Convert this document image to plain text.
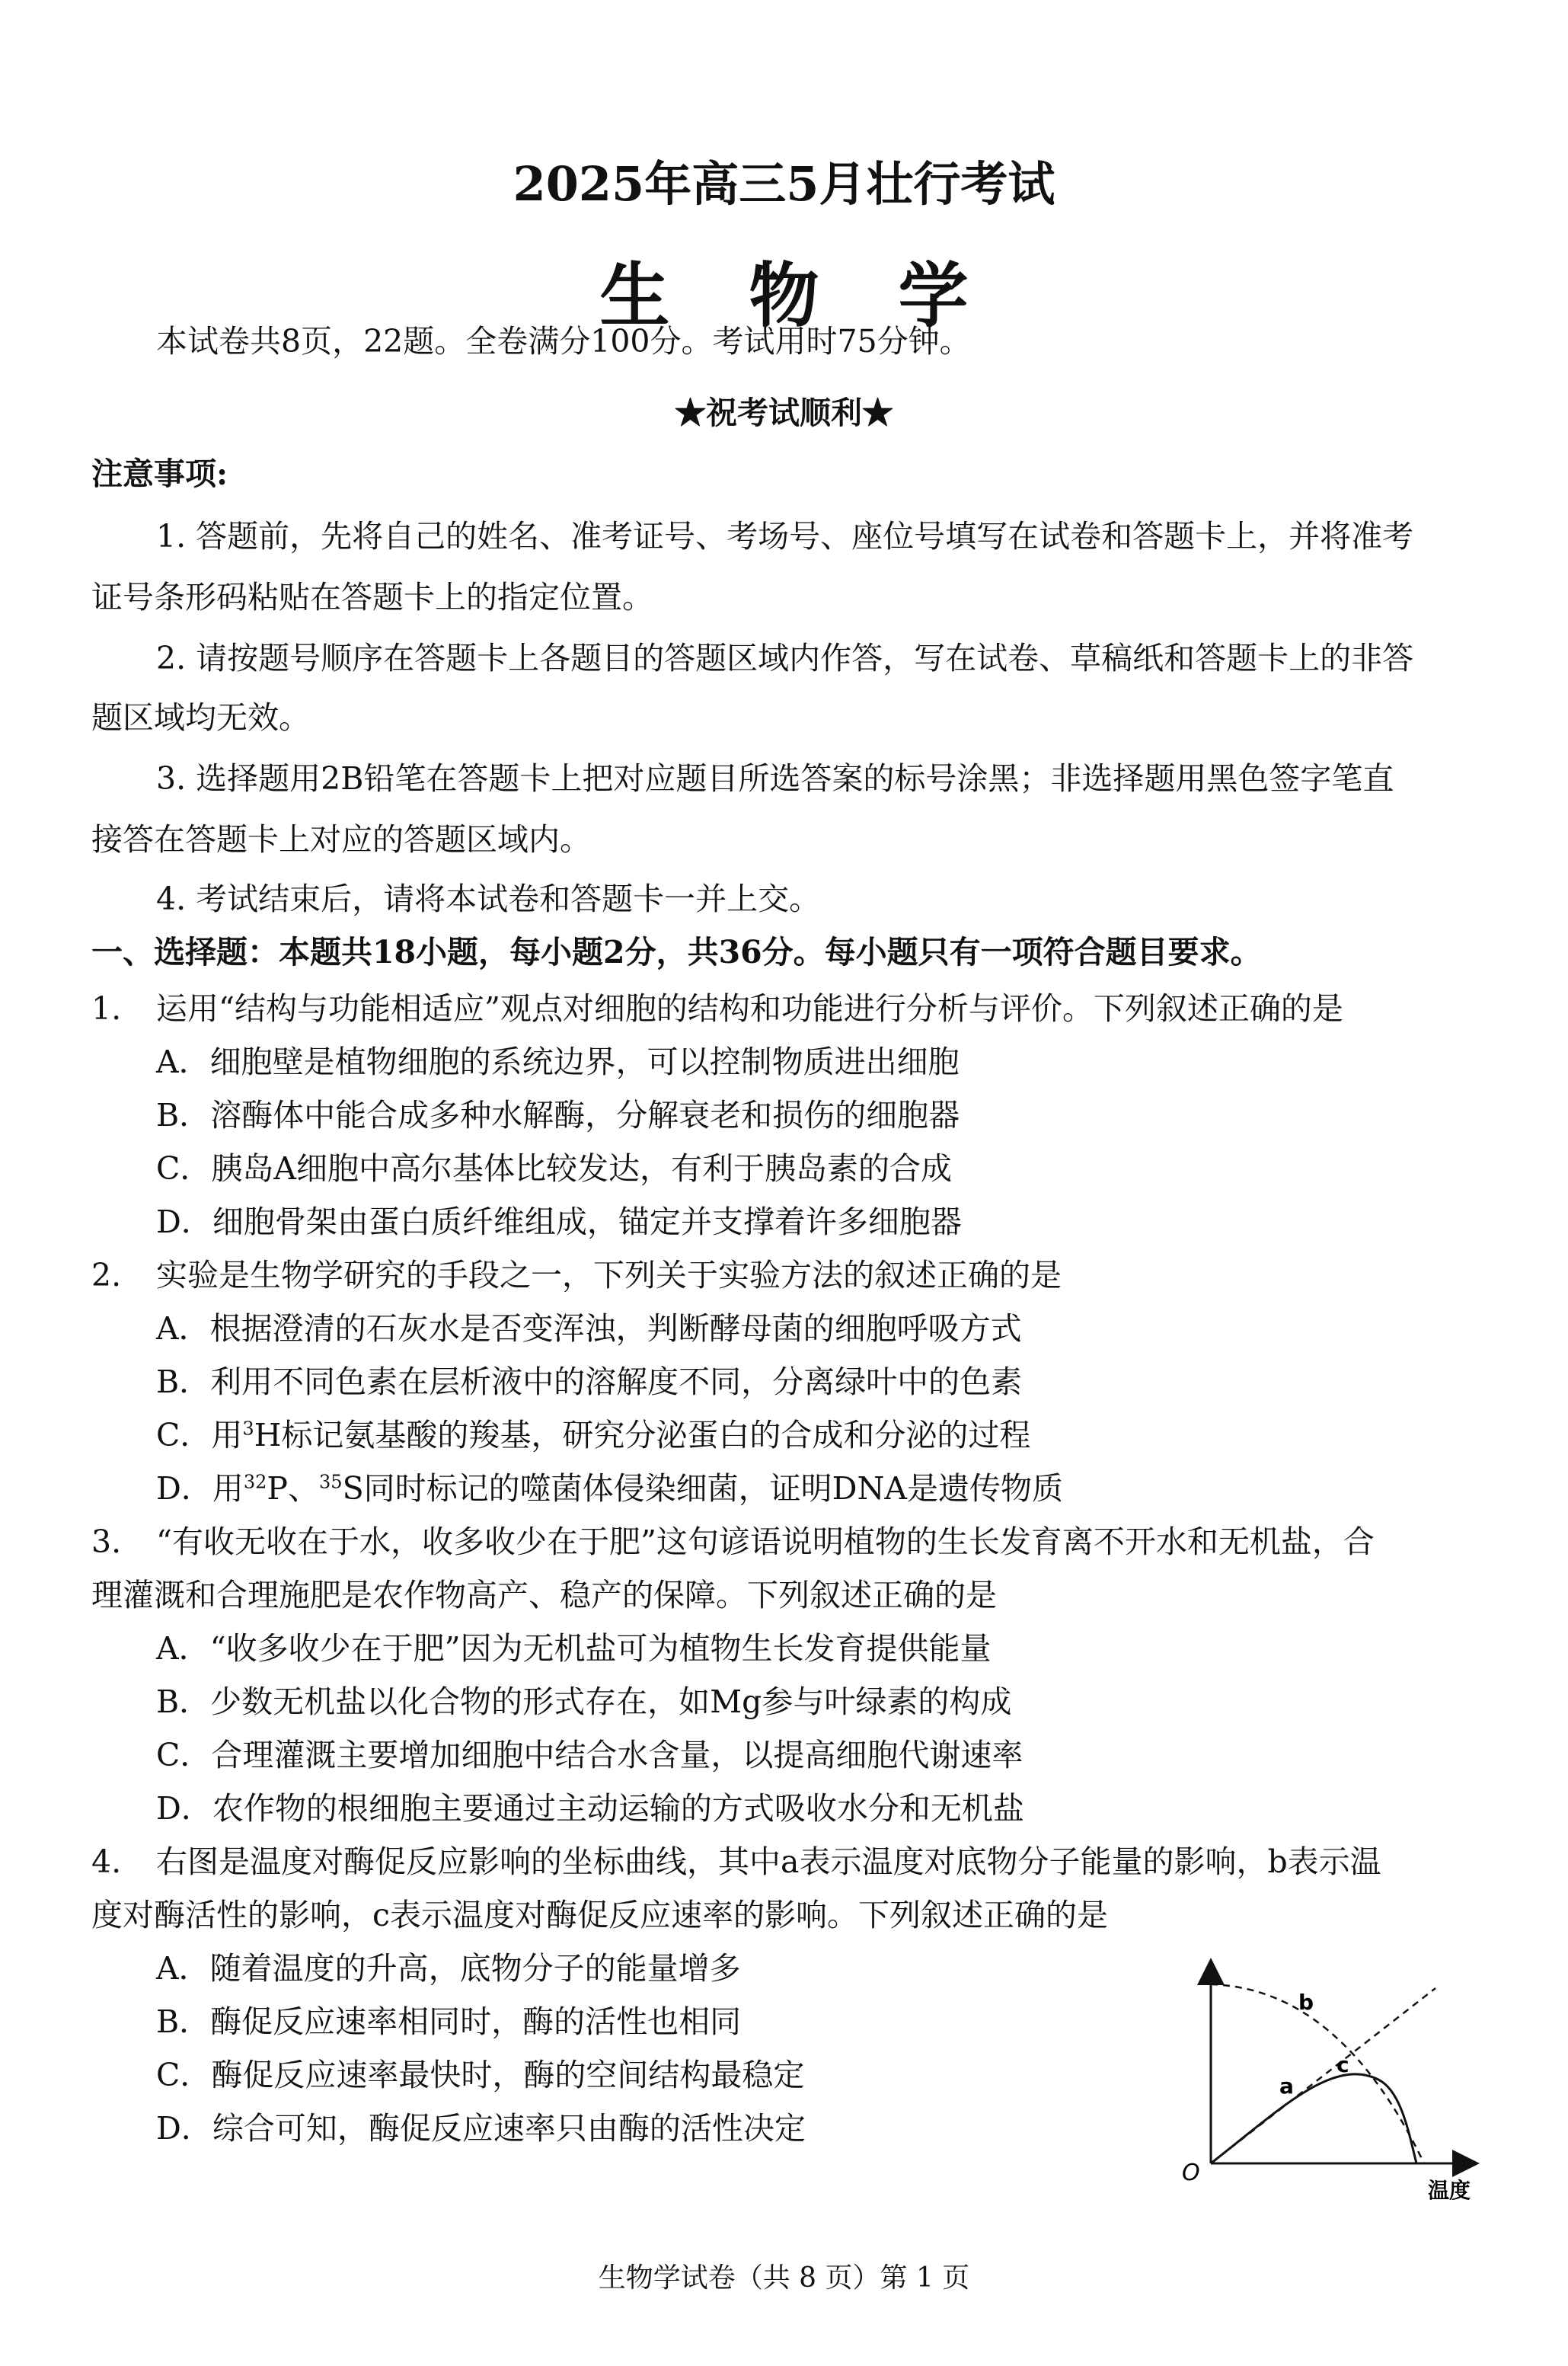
2025年高三5月壮行考试
生 物 学
本试卷共8页，22题。全卷满分100分。考试用时75分钟。
★祝考试顺利★
注意事项:
1. 答题前，先将自己的姓名、准考证号、考场号、座位号填写在试卷和答题卡上，并将准考
证号条形码粘贴在答题卡上的指定位置。
2. 请按题号顺序在答题卡上各题目的答题区域内作答，写在试卷、草稿纸和答题卡上的非答
题区域均无效。
3. 选择题用2B铅笔在答题卡上把对应题目所选答案的标号涂黑；非选择题用黑色签字笔直
接答在答题卡上对应的答题区域内。
4. 考试结束后，请将本试卷和答题卡一并上交。
一、选择题：本题共18小题，每小题2分，共36分。每小题只有一项符合题目要求。
1. 运用“结构与功能相适应”观点对细胞的结构和功能进行分析与评价。下列叙述正确的是
A．细胞壁是植物细胞的系统边界，可以控制物质进出细胞
B．溶酶体中能合成多种水解酶，分解衰老和损伤的细胞器
C．胰岛A细胞中高尔基体比较发达，有利于胰岛素的合成
D．细胞骨架由蛋白质纤维组成，锚定并支撑着许多细胞器
2. 实验是生物学研究的手段之一，下列关于实验方法的叙述正确的是
A．根据澄清的石灰水是否变浑浊，判断酵母菌的细胞呼吸方式
B．利用不同色素在层析液中的溶解度不同，分离绿叶中的色素
C．用$^3$H标记氨基酸的羧基，研究分泌蛋白的合成和分泌的过程
D．用$^{32}$P、$^{35}$S同时标记的噬菌体侵染细菌，证明DNA是遗传物质
3. “有收无收在于水，收多收少在于肥”这句谚语说明植物的生长发育离不开水和无机盐，合
理灌溉和合理施肥是农作物高产、稳产的保障。下列叙述正确的是
A．“收多收少在于肥”因为无机盐可为植物生长发育提供能量
B．少数无机盐以化合物的形式存在，如Mg参与叶绿素的构成
C．合理灌溉主要增加细胞中结合水含量，以提高细胞代谢速率
D．农作物的根细胞主要通过主动运输的方式吸收水分和无机盐
4. 右图是温度对酶促反应影响的坐标曲线，其中a表示温度对底物分子能量的影响，b表示温
度对酶活性的影响，c表示温度对酶促反应速率的影响。下列叙述正确的是
A．随着温度的升高，底物分子的能量增多
B．酶促反应速率相同时，酶的活性也相同
C．酶促反应速率最快时，酶的空间结构最稳定
D．综合可知，酶促反应速率只由酶的活性决定
O
温度
a
b
c
生物学试卷（共 8 页）第 1 页
